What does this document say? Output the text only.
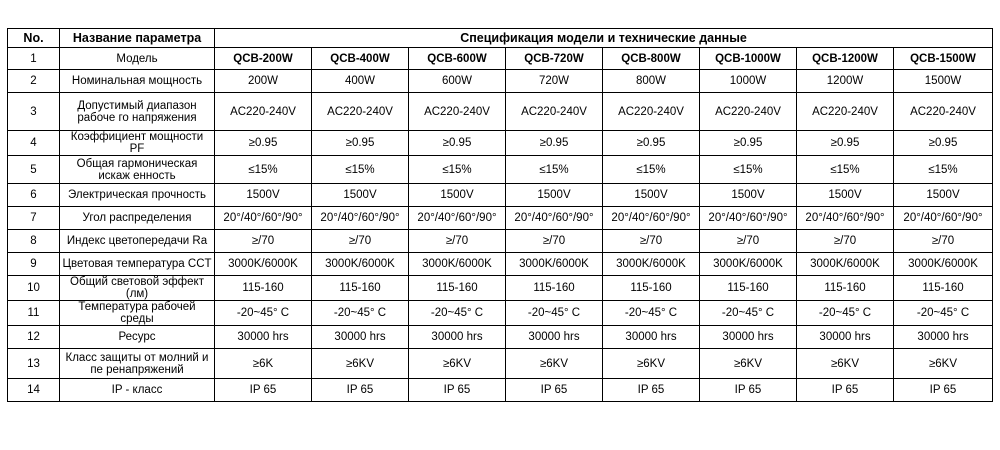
No.	Название параметра	Спецификация модели и технические данные							
1	Модель	QCB-200W	QCB-400W	QCB-600W	QCB-720W	QCB-800W	QCB-1000W	QCB-1200W	QCB-1500W
2	Номинальная мощность	200W	400W	600W	720W	800W	1000W	1200W	1500W
3	Допустимый диапазон рабоче го напряжения	AC220-240V	AC220-240V	AC220-240V	AC220-240V	AC220-240V	AC220-240V	AC220-240V	AC220-240V
4	Коэффициент мощности PF	≥0.95	≥0.95	≥0.95	≥0.95	≥0.95	≥0.95	≥0.95	≥0.95
5	Общая гармоническая искаж енность	≤15%	≤15%	≤15%	≤15%	≤15%	≤15%	≤15%	≤15%
6	Электрическая прочность	1500V	1500V	1500V	1500V	1500V	1500V	1500V	1500V
7	Угол распределения	20°/40°/60°/90°	20°/40°/60°/90°	20°/40°/60°/90°	20°/40°/60°/90°	20°/40°/60°/90°	20°/40°/60°/90°	20°/40°/60°/90°	20°/40°/60°/90°
8	Индекс цветопередачи Ra	≥/70	≥/70	≥/70	≥/70	≥/70	≥/70	≥/70	≥/70
9	Цветовая температура CCT	3000K/6000K	3000K/6000K	3000K/6000K	3000K/6000K	3000K/6000K	3000K/6000K	3000K/6000K	3000K/6000K
10	Общий световой эффект (лм)	115-160	115-160	115-160	115-160	115-160	115-160	115-160	115-160
11	Температура рабочей среды	-20~45° C	-20~45° C	-20~45° C	-20~45° C	-20~45° C	-20~45° C	-20~45° C	-20~45° C
12	Ресурс	30000 hrs	30000 hrs	30000 hrs	30000 hrs	30000 hrs	30000 hrs	30000 hrs	30000 hrs
13	Класс защиты от молний и пе ренапряжений	≥6K	≥6KV	≥6KV	≥6KV	≥6KV	≥6KV	≥6KV	≥6KV
14	IP - класс	IP 65	IP 65	IP 65	IP 65	IP 65	IP 65	IP 65	IP 65
